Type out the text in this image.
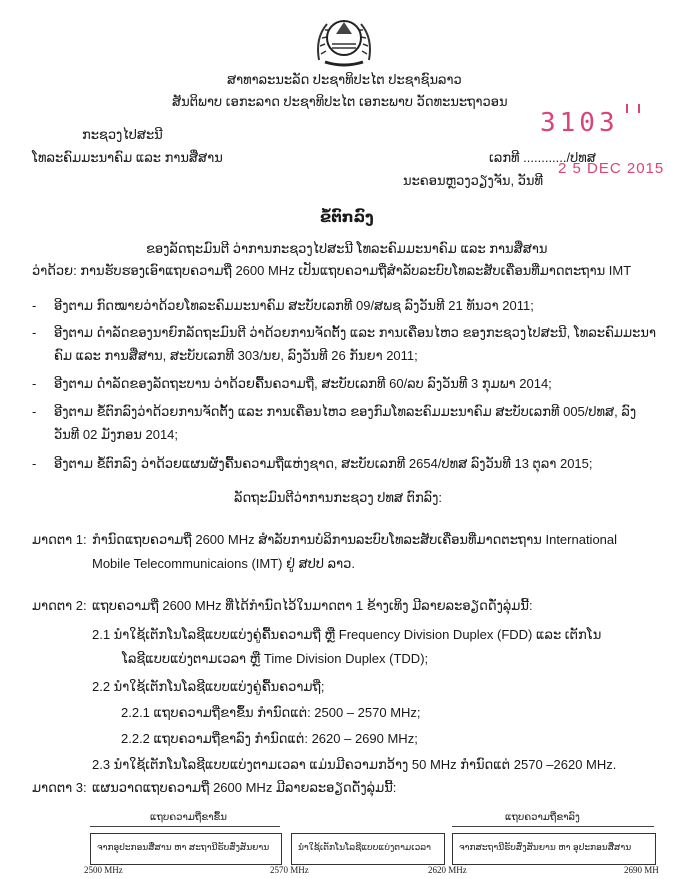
ສາທາລະນະລັດ ປະຊາທິປະໄຕ ປະຊາຊົນລາວ
ສັນຕິພາບ ເອກະລາດ ປະຊາທິປະໄຕ ເອກະພາບ ວັດທະນະຖາວອນ
ກະຊວງໄປສະນີ
ໂທລະຄົມມະນາຄົມ ແລະ ການສື່ສານ	ເລກທີ ............/ປທສ
ນະຄອນຫຼວງວຽງຈັນ, ວັນທີ
3103
2 5 DEC 2015
ຂໍ້ຕົກລົງ
ຂອງລັດຖະມົນຕີ ວ່າການກະຊວງໄປສະນີ ໂທລະຄົມມະນາຄົມ ແລະ ການສື່ສານ
ວ່າດ້ວຍ: ການຮັບຮອງເອົາແຖບຄວາມຖີ່ 2600 MHz ເປັນແຖບຄວາມຖີ່ສຳລັບລະບົບໂທລະສັບເຄື່ອນທີ່ມາດຕະຖານ IMT
- ອີງຕາມ ກົດໝາຍວ່າດ້ວຍໂທລະຄົມມະນາຄົມ ສະບັບເລກທີ 09/ສພຊ ລົງວັນທີ 21 ທັນວາ 2011;
- ອີງຕາມ ດຳລັດຂອງນາຍົກລັດຖະມົນຕີ ວ່າດ້ວຍການຈັດຕັ້ງ ແລະ ການເຄື່ອນໄຫວ ຂອງກະຊວງໄປສະນີ, ໂທລະຄົມມະນາ
ຄົມ ແລະ ການສື່ສານ, ສະບັບເລກທີ 303/ນຍ, ລົງວັນທີ 26 ກັນຍາ 2011;
- ອີງຕາມ ດຳລັດຂອງລັດຖະບານ ວ່າດ້ວຍຄື້ນຄວາມຖີ່, ສະບັບເລກທີ 60/ລບ ລົງວັນທີ 3 ກຸມພາ 2014;
- ອີງຕາມ ຂໍ້ຕົກລົງວ່າດ້ວຍການຈັດຕັ້ງ ແລະ ການເຄື່ອນໄຫວ ຂອງກົມໂທລະຄົມມະນາຄົມ ສະບັບເລກທີ 005/ປທສ, ລົງ
ວັນທີ 02 ມັງກອນ 2014;
- ອີງຕາມ ຂໍ້ຕົກລົງ ວ່າດ້ວຍແຜນຜັງຄື້ນຄວາມຖີ່ແຫ່ງຊາດ, ສະບັບເລກທີ 2654/ປທສ ລົງວັນທີ 13 ຕຸລາ 2015;
ລັດຖະມົນຕີວ່າການກະຊວງ ປທສ ຕົກລົງ:
ມາດຕາ 1: ກຳນົດແຖບຄວາມຖີ່ 2600 MHz ສຳລັບການບໍລິການລະບົບໂທລະສັບເຄື່ອນທີ່ມາດຕະຖານ International
Mobile Telecommunicaions (IMT) ຢູ່ ສປປ ລາວ.
ມາດຕາ 2: ແຖບຄວາມຖີ່ 2600 MHz ທີ່ໄດ້ກຳນົດໄວ້ໃນມາດຕາ 1 ຂ້າງເທິງ ມີລາຍລະອຽດດັ່ງລຸ່ມນີ້:
2.1 ນຳໃຊ້ເຕັກໂນໂລຊີແບບແບ່ງຄູ່ຄື້ນຄວາມຖີ່ ຫຼື Frequency Division Duplex (FDD) ແລະ ເຕັກໂນ
ໂລຊີແບບແບ່ງຕາມເວລາ ຫຼື Time Division Duplex (TDD);
2.2 ນຳໃຊ້ເຕັກໂນໂລຊີແບບແບ່ງຄູ່ຄື້ນຄວາມຖີ່;
2.2.1 ແຖບຄວາມຖີ່ຂາຂຶ້ນ ກຳນົດແຕ່: 2500 – 2570 MHz;
2.2.2 ແຖບຄວາມຖີ່ຂາລົງ ກຳນົດແຕ່: 2620 – 2690 MHz;
2.3 ນຳໃຊ້ເຕັກໂນໂລຊີແບບແບ່ງຕາມເວລາ ແມ່ນມີຄວາມກວ້າງ 50 MHz ກຳນົດແຕ່ 2570 –2620 MHz.
ມາດຕາ 3: ແຜນວາດແຖບຄວາມຖີ່ 2600 MHz ມີລາຍລະອຽດດັ່ງລຸ່ມນີ້:
ແຖບຄວາມຖີ່ຂາຂຶ້ນ	ແຖບຄວາມຖີ່ຂາລົງ
ຈາກອຸປະກອນສື່ສານ ຫາ ສະຖານີຮັບສົ່ງສັນຍານ	ນຳໃຊ້ເຕັກໂນໂລຊີແບບແບ່ງຕາມເວລາ	ຈາກສະຖານີຮັບສົ່ງສັນຍານ ຫາ ອຸປະກອນສື່ສານ
2500 MHz	2570 MHz	2620 MHz	2690 MH
